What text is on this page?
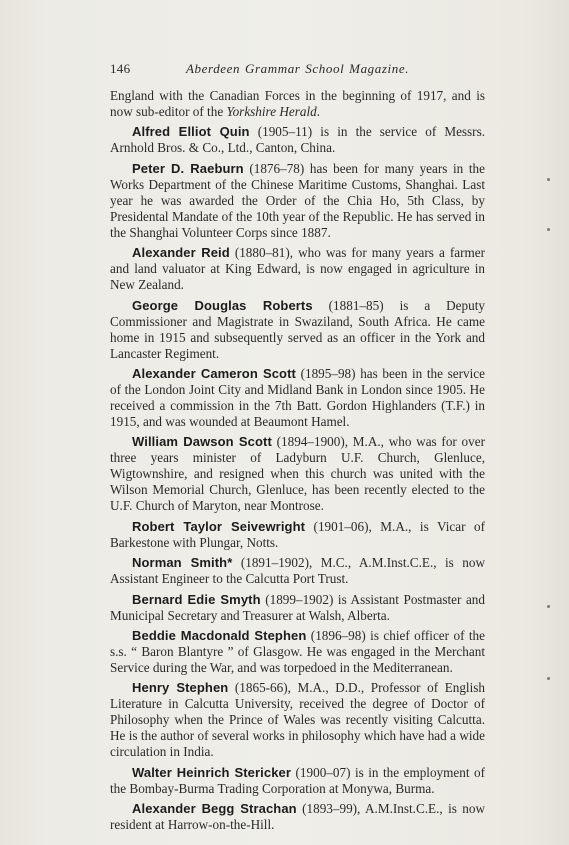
146	Aberdeen Grammar School Magazine.

England with the Canadian Forces in the beginning of 1917, and is now sub-editor of the Yorkshire Herald.

Alfred Elliot Quin (1905–11) is in the service of Messrs. Arnhold Bros. & Co., Ltd., Canton, China.

Peter D. Raeburn (1876–78) has been for many years in the Works Department of the Chinese Maritime Customs, Shanghai. Last year he was awarded the Order of the Chia Ho, 5th Class, by Presidental Mandate of the 10th year of the Republic. He has served in the Shanghai Volunteer Corps since 1887.

Alexander Reid (1880–81), who was for many years a farmer and land valuator at King Edward, is now engaged in agriculture in New Zealand.

George Douglas Roberts (1881–85) is a Deputy Commissioner and Magistrate in Swaziland, South Africa. He came home in 1915 and subsequently served as an officer in the York and Lancaster Regiment.

Alexander Cameron Scott (1895–98) has been in the service of the London Joint City and Midland Bank in London since 1905. He received a commission in the 7th Batt. Gordon Highlanders (T.F.) in 1915, and was wounded at Beaumont Hamel.

William Dawson Scott (1894–1900), M.A., who was for over three years minister of Ladyburn U.F. Church, Glenluce, Wigtownshire, and resigned when this church was united with the Wilson Memorial Church, Glenluce, has been recently elected to the U.F. Church of Maryton, near Montrose.

Robert Taylor Seivewright (1901–06), M.A., is Vicar of Barkestone with Plungar, Notts.

Norman Smith* (1891–1902), M.C., A.M.Inst.C.E., is now Assistant Engineer to the Calcutta Port Trust.

Bernard Edie Smyth (1899–1902) is Assistant Postmaster and Municipal Secretary and Treasurer at Walsh, Alberta.

Beddie Macdonald Stephen (1896–98) is chief officer of the s.s. “ Baron Blantyre ” of Glasgow. He was engaged in the Merchant Service during the War, and was torpedoed in the Mediterranean.

Henry Stephen (1865-66), M.A., D.D., Professor of English Literature in Calcutta University, received the degree of Doctor of Philosophy when the Prince of Wales was recently visiting Calcutta. He is the author of several works in philosophy which have had a wide circulation in India.

Walter Heinrich Stericker (1900–07) is in the employment of the Bombay-Burma Trading Corporation at Monywa, Burma.

Alexander Begg Strachan (1893–99), A.M.Inst.C.E., is now resident at Harrow-on-the-Hill.
